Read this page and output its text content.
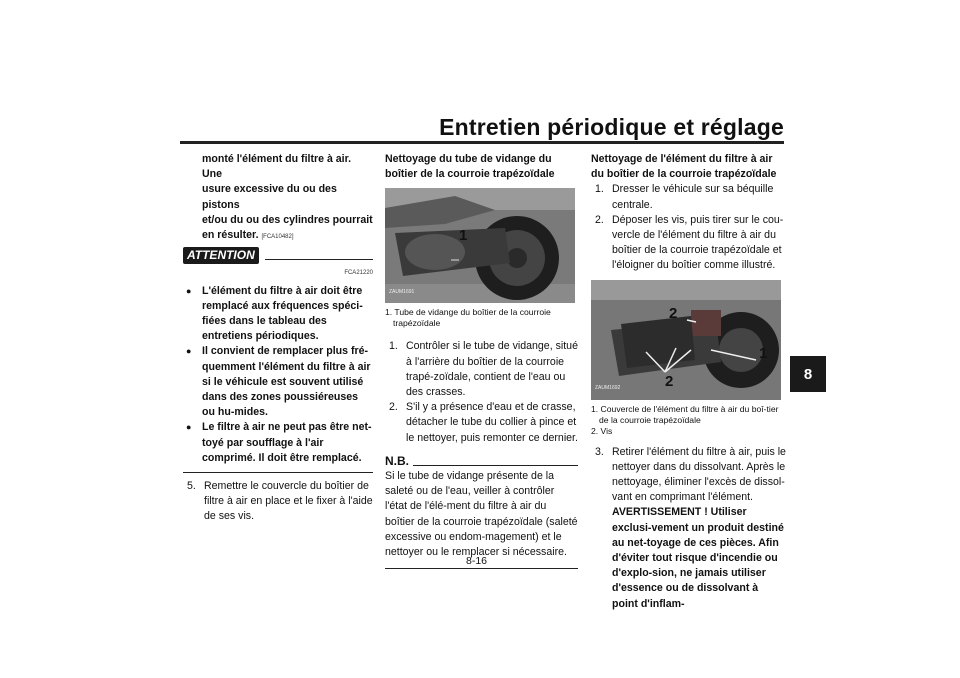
Entretien périodique et réglage
8
monté l'élément du filtre à air. Une
usure excessive du ou des pistons
et/ou du ou des cylindres pourrait
en résulter. [FCA10482]
ATTENTION
FCA21220
● L'élément du filtre à air doit être remplacé aux fréquences spéci-fiées dans le tableau des entretiens périodiques.
● Il convient de remplacer plus fré-quemment l'élément du filtre à air si le véhicule est souvent utilisé dans des zones poussiéreuses ou hu-mides.
● Le filtre à air ne peut pas être net-toyé par soufflage à l'air comprimé. Il doit être remplacé.
5. Remettre le couvercle du boîtier de filtre à air en place et le fixer à l'aide de ses vis.
Nettoyage du tube de vidange du boîtier de la courroie trapézoïdale
1
ZAUM1691
1. Tube de vidange du boîtier de la courroie trapézoïdale
1. Contrôler si le tube de vidange, situé à l'arrière du boîtier de la courroie trapé-zoïdale, contient de l'eau ou des crasses.
2. S'il y a présence d'eau et de crasse, détacher le tube du collier à pince et le nettoyer, puis remonter ce dernier.
N.B.
Si le tube de vidange présente de la saleté ou de l'eau, veiller à contrôler l'état de l'élé-ment du filtre à air du boîtier de la courroie trapézoïdale (saleté excessive ou endom-magement) et le nettoyer ou le remplacer si nécessaire.
Nettoyage de l'élément du filtre à air du boîtier de la courroie trapézoïdale
1. Dresser le véhicule sur sa béquille centrale.
2. Déposer les vis, puis tirer sur le cou-vercle de l'élément du filtre à air du boîtier de la courroie trapézoïdale et l'éloigner du boîtier comme illustré.
2
1
2
ZAUM1692
1. Couvercle de l'élément du filtre à air du boî-tier de la courroie trapézoïdale
2. Vis
3. Retirer l'élément du filtre à air, puis le nettoyer dans du dissolvant. Après le nettoyage, éliminer l'excès de dissol-vant en comprimant l'élément. AVERTISSEMENT ! Utiliser exclusi-vement un produit destiné au net-toyage de ces pièces. Afin d'éviter tout risque d'incendie ou d'explo-sion, ne jamais utiliser d'essence ou de dissolvant à point d'inflam-
8-16
